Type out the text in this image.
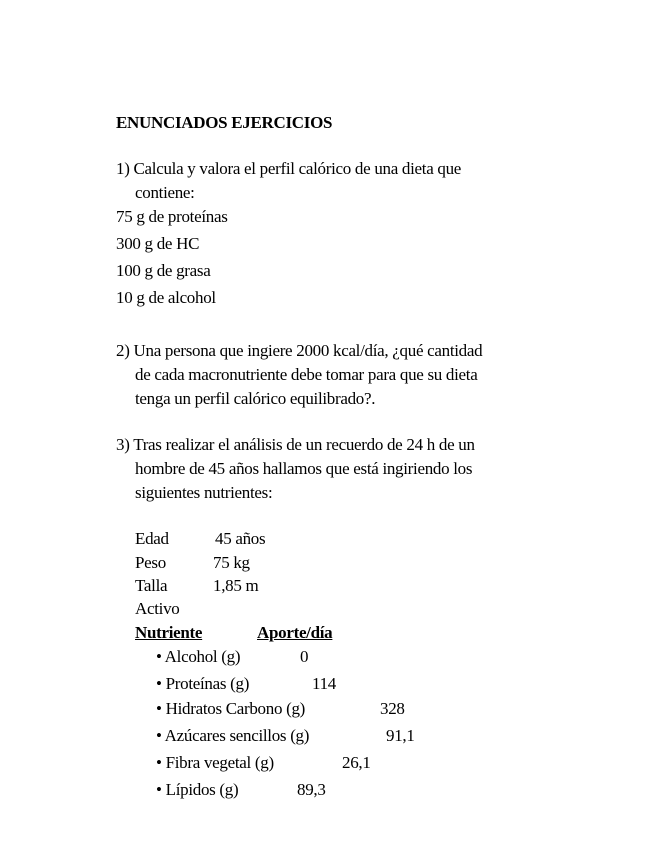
ENUNCIADOS EJERCICIOS
1) Calcula y valora el perfil calórico de una dieta que
contiene:
75 g de proteínas
300 g de HC
100 g de grasa
10 g de alcohol
2) Una persona que ingiere 2000 kcal/día, ¿qué cantidad
de cada macronutriente debe tomar para que su dieta
tenga un perfil calórico equilibrado?.
3) Tras realizar el análisis de un recuerdo de 24 h de un
hombre de 45 años hallamos que está ingiriendo los
siguientes nutrientes:
Edad	45 años
Peso	75 kg
Talla	1,85 m
Activo
Nutriente	Aporte/día
• Alcohol (g)	0
• Proteínas (g)	114
• Hidratos Carbono (g)	328
• Azúcares sencillos (g)	91,1
• Fibra vegetal (g)	26,1
• Lípidos (g)	89,3
